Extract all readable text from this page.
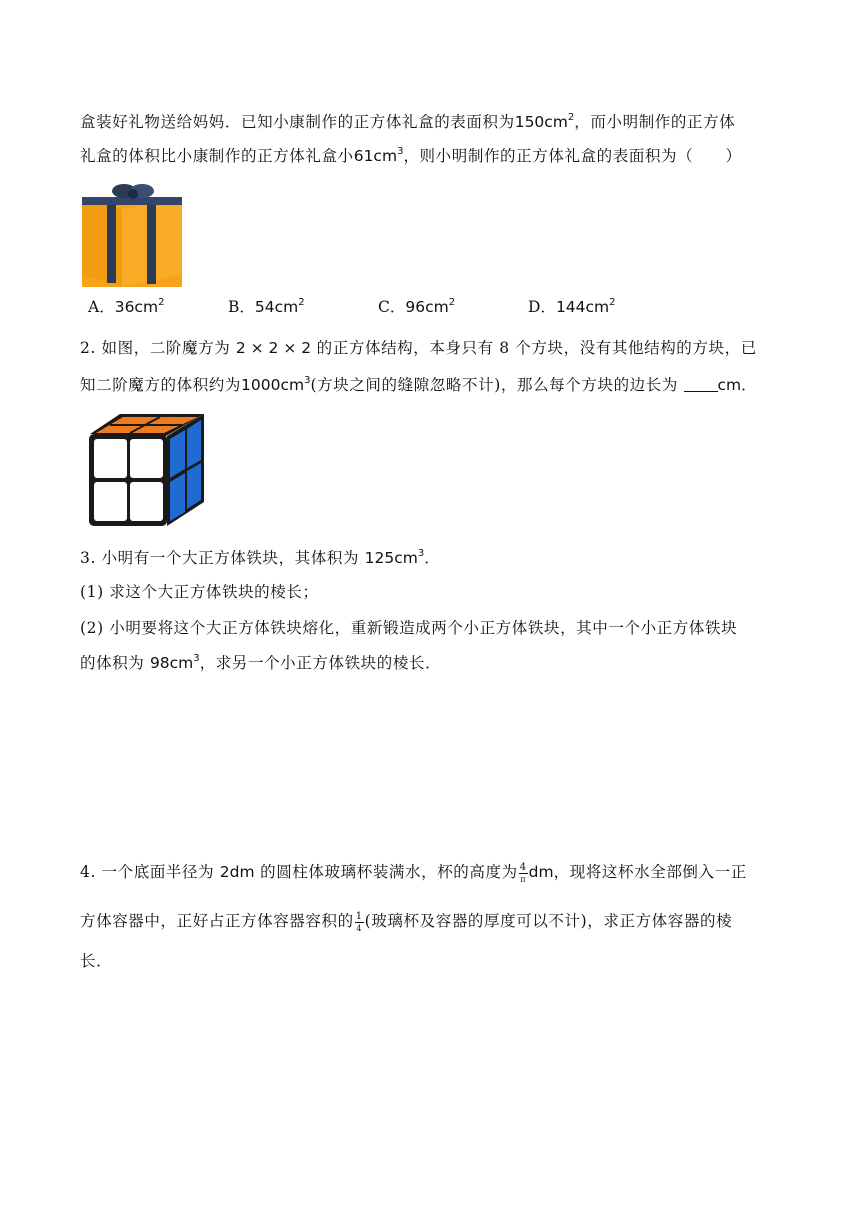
盒装好礼物送给妈妈．已知小康制作的正方体礼盒的表面积为$150cm^2$，而小明制作的正方体
礼盒的体积比小康制作的正方体礼盒小$61cm^3$，则小明制作的正方体礼盒的表面积为（　　）
A．$36cm^2$	B．$54cm^2$	C．$96cm^2$	D．$144cm^2$
2. 如图，二阶魔方为 2 × 2 × 2 的正方体结构，本身只有 8 个方块，没有其他结构的方块，已
知二阶魔方的体积约为$1000cm^3$(方块之间的缝隙忽略不计)，那么每个方块的边长为	cm．
3. 小明有一个大正方体铁块，其体积为 $125cm^3$．
(1) 求这个大正方体铁块的棱长；
(2) 小明要将这个大正方体铁块熔化，重新锻造成两个小正方体铁块，其中一个小正方体铁块
的体积为 $98cm^3$，求另一个小正方体铁块的棱长．
4. 一个底面半径为 2dm 的圆柱体玻璃杯装满水，杯的高度为 $\frac{4}{\pi}$ dm，现将这杯水全部倒入一正
方体容器中，正好占正方体容器容积的 $\frac{1}{4}$ (玻璃杯及容器的厚度可以不计)，求正方体容器的棱
长．
